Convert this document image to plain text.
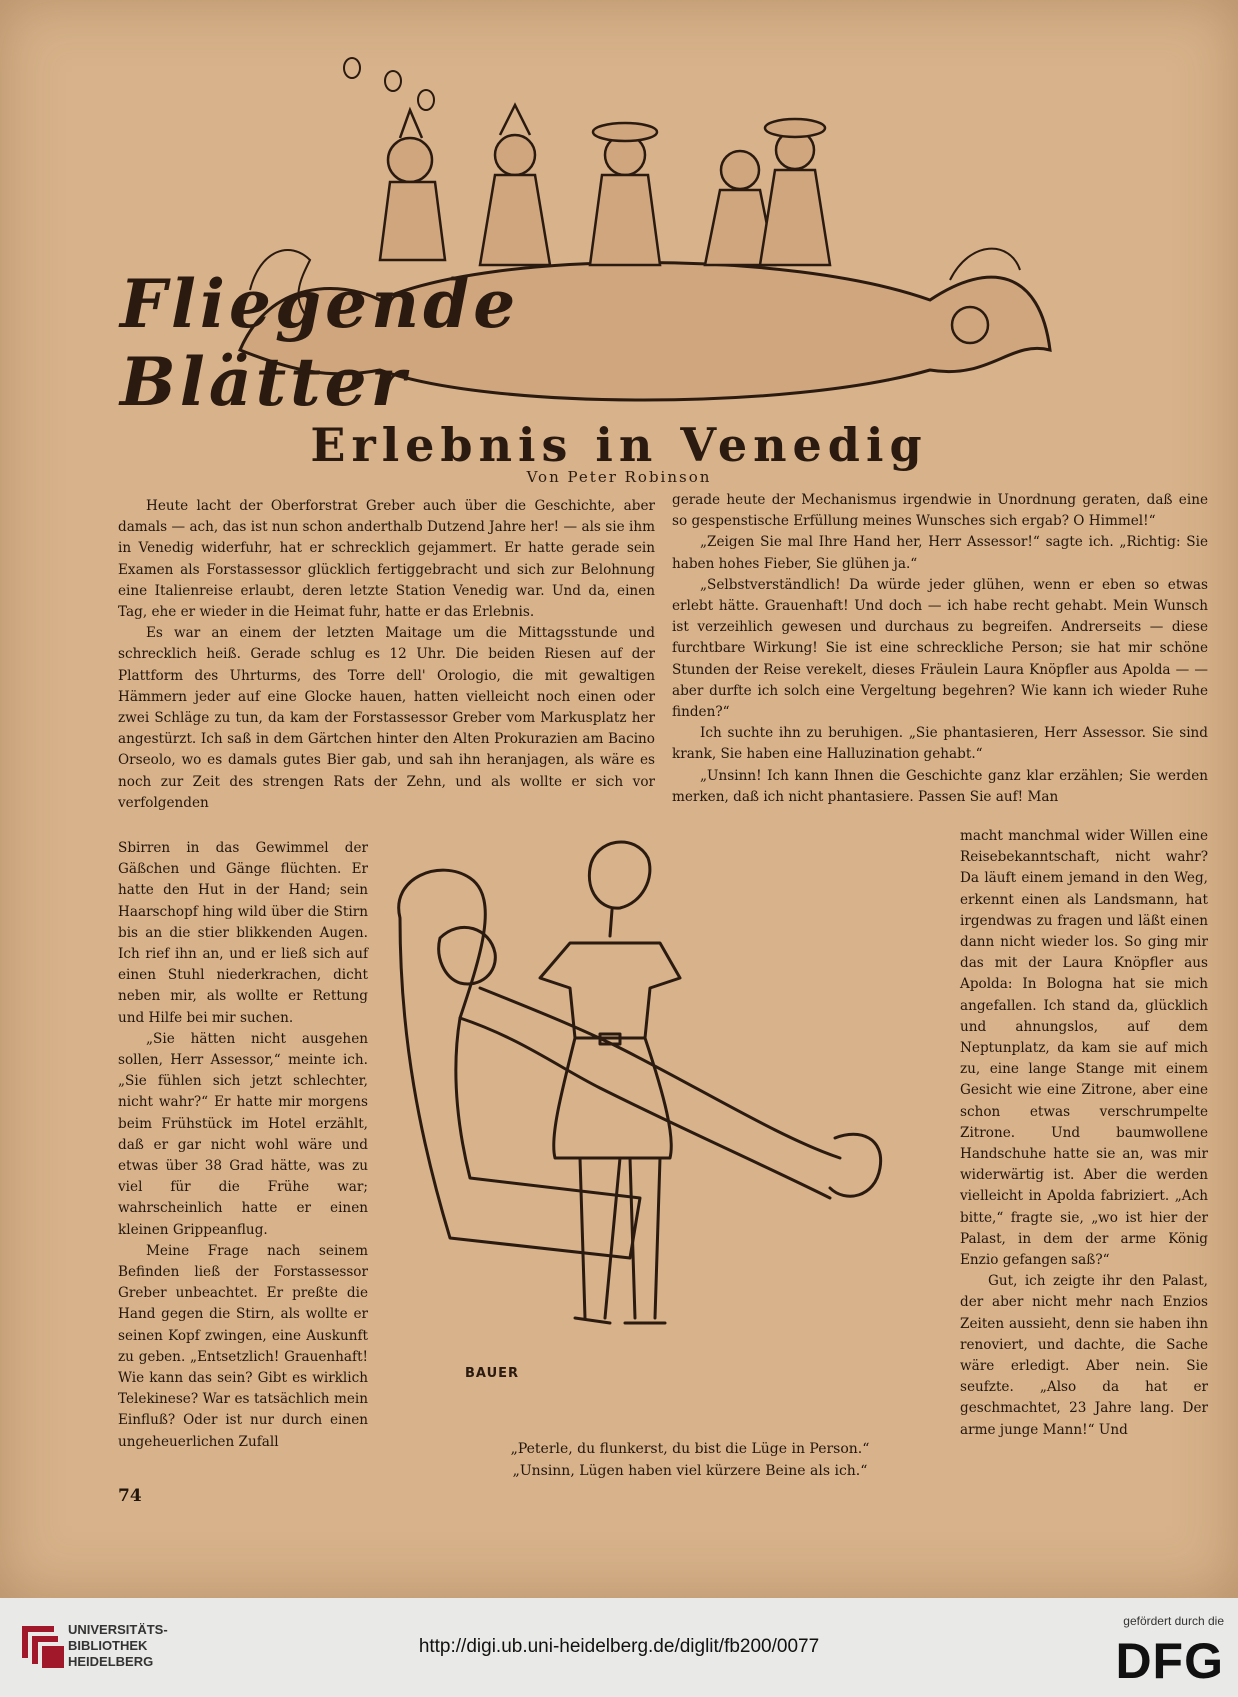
Fliegende Blätter
Erlebnis in Venedig
Von Peter Robinson

Heute lacht der Oberforstrat Greber auch über die Geschichte, aber damals — ach, das ist nun schon anderthalb Dutzend Jahre her! — als sie ihm in Venedig widerfuhr, hat er schrecklich gejammert. Er hatte gerade sein Examen als Forstassessor glücklich fertiggebracht und sich zur Belohnung eine Italienreise erlaubt, deren letzte Station Venedig war. Und da, einen Tag, ehe er wieder in die Heimat fuhr, hatte er das Erlebnis.

Es war an einem der letzten Maitage um die Mittagsstunde und schrecklich heiß. Gerade schlug es 12 Uhr. Die beiden Riesen auf der Plattform des Uhrturms, des Torre dell' Orologio, die mit gewaltigen Hämmern jeder auf eine Glocke hauen, hatten vielleicht noch einen oder zwei Schläge zu tun, da kam der Forstassessor Greber vom Markusplatz her angestürzt. Ich saß in dem Gärtchen hinter den Alten Prokurazien am Bacino Orseolo, wo es damals gutes Bier gab, und sah ihn heranjagen, als wäre es noch zur Zeit des strengen Rats der Zehn, und als wollte er sich vor verfolgenden

Sbirren in das Gewimmel der Gäßchen und Gänge flüchten. Er hatte den Hut in der Hand; sein Haarschopf hing wild über die Stirn bis an die stier blikkenden Augen. Ich rief ihn an, und er ließ sich auf einen Stuhl niederkrachen, dicht neben mir, als wollte er Rettung und Hilfe bei mir suchen.

„Sie hätten nicht ausgehen sollen, Herr Assessor,“ meinte ich. „Sie fühlen sich jetzt schlechter, nicht wahr?“ Er hatte mir morgens beim Frühstück im Hotel erzählt, daß er gar nicht wohl wäre und etwas über 38 Grad hätte, was zu viel für die Frühe war; wahrscheinlich hatte er einen kleinen Grippeanflug.

Meine Frage nach seinem Befinden ließ der Forstassessor Greber unbeachtet. Er preßte die Hand gegen die Stirn, als wollte er seinen Kopf zwingen, eine Auskunft zu geben. „Entsetzlich! Grauenhaft! Wie kann das sein? Gibt es wirklich Telekinese? War es tatsächlich mein Einfluß? Oder ist nur durch einen ungeheuerlichen Zufall

gerade heute der Mechanismus irgendwie in Unordnung geraten, daß eine so gespenstische Erfüllung meines Wunsches sich ergab? O Himmel!“

„Zeigen Sie mal Ihre Hand her, Herr Assessor!“ sagte ich. „Richtig: Sie haben hohes Fieber, Sie glühen ja.“

„Selbstverständlich! Da würde jeder glühen, wenn er eben so etwas erlebt hätte. Grauenhaft! Und doch — ich habe recht gehabt. Mein Wunsch ist verzeihlich gewesen und durchaus zu begreifen. Andrerseits — diese furchtbare Wirkung! Sie ist eine schreckliche Person; sie hat mir schöne Stunden der Reise verekelt, dieses Fräulein Laura Knöpfler aus Apolda — — aber durfte ich solch eine Vergeltung begehren? Wie kann ich wieder Ruhe finden?“

Ich suchte ihn zu beruhigen. „Sie phantasieren, Herr Assessor. Sie sind krank, Sie haben eine Halluzination gehabt.“

„Unsinn! Ich kann Ihnen die Geschichte ganz klar erzählen; Sie werden merken, daß ich nicht phantasiere. Passen Sie auf! Man

macht manchmal wider Willen eine Reisebekanntschaft, nicht wahr? Da läuft einem jemand in den Weg, erkennt einen als Landsmann, hat irgendwas zu fragen und läßt einen dann nicht wieder los. So ging mir das mit der Laura Knöpfler aus Apolda: In Bologna hat sie mich angefallen. Ich stand da, glücklich und ahnungslos, auf dem Neptunplatz, da kam sie auf mich zu, eine lange Stange mit einem Gesicht wie eine Zitrone, aber eine schon etwas verschrumpelte Zitrone. Und baumwollene Handschuhe hatte sie an, was mir widerwärtig ist. Aber die werden vielleicht in Apolda fabriziert. „Ach bitte,“ fragte sie, „wo ist hier der Palast, in dem der arme König Enzio gefangen saß?“

Gut, ich zeigte ihr den Palast, der aber nicht mehr nach Enzios Zeiten aussieht, denn sie haben ihn renoviert, und dachte, die Sache wäre erledigt. Aber nein. Sie seufzte. „Also da hat er geschmachtet, 23 Jahre lang. Der arme junge Mann!“ Und

BAUER
„Peterle, du flunkerst, du bist die Lüge in Person.“
„Unsinn, Lügen haben viel kürzere Beine als ich.“
74
UNIVERSITÄTS-
BIBLIOTHEK
HEIDELBERG
http://digi.ub.uni-heidelberg.de/diglit/fb200/0077
gefördert durch die
DFG
